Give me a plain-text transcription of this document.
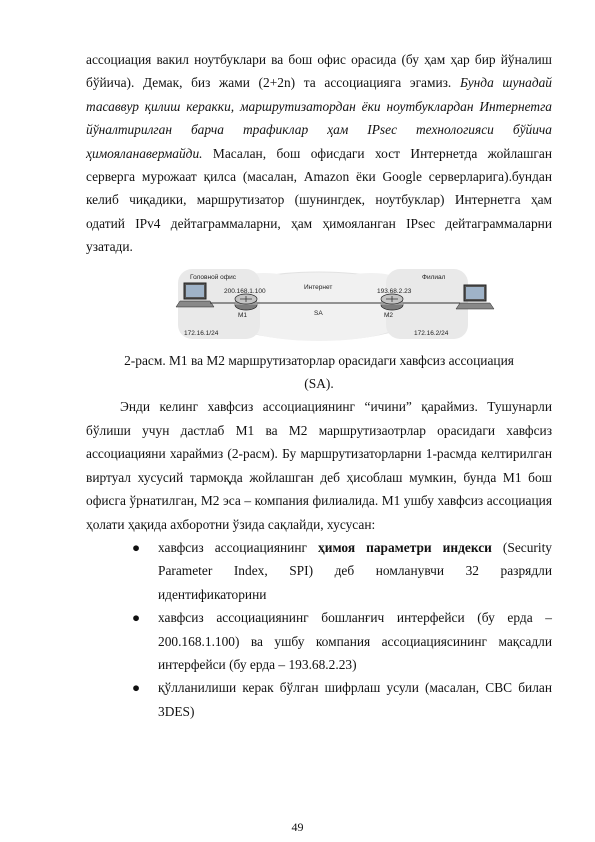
ассоциация вакил ноутбуклари ва бош офис орасида (бу ҳам ҳар бир йўналиш бўйича). Демак, биз жами (2+2n) та ассоциацияга эгамиз. Бунда шунадай тасаввур қилиш керакки, маршрутизатордан ёки ноутбуклардан Интернетга йўналтирилган барча трафиклар ҳам IPsec технологияси бўйича ҳимояланавермайди. Масалан, бош офисдаги хост Интернетда жойлашган серверга мурожаат қилса (масалан, Amazon ёки Google серверларига).бундан келиб чиқадики, маршрутизатор (шунингдек, ноутбуклар) Интернетга ҳам одатий IPv4 дейтаграммаларни, ҳам ҳимояланган IPsec дейтаграммаларни узатади.

Головной офис
Интернет
Филиал
200.168.1.100	193.68.2.23
M1	M2
SA
172.16.1/24	172.16.2/24

2-расм. M1 ва M2 маршрутизаторлар орасидаги хавфсиз ассоциация

(SA).

Энди келинг хавфсиз ассоциациянинг “ичини” қараймиз. Тушунарли бўлиши учун дастлаб M1 ва M2 маршрутизаотрлар орасидаги хавфсиз ассоциацияни хараймиз (2-расм). Бу маршрутизаторларни 1-расмда келтирилган виртуал хусусий тармоқда жойлашган деб ҳисоблаш мумкин, бунда M1 бош офисга ўрнатилган, M2 эса – компания филиалида. M1 ушбу хавфсиз ассоциация ҳолати ҳақида ахборотни ўзида сақлайди, хусусан:

● хавфсиз ассоциациянинг ҳимоя параметри индекси (Security Parameter Index, SPI) деб номланувчи 32 разрядли идентификаторини
● хавфсиз ассоциациянинг бошланғич интерфейси (бу ерда – 200.168.1.100) ва ушбу компания ассоциациясининг мақсадли интерфейси (бу ерда – 193.68.2.23)
● қўлланилиши керак бўлган шифрлаш усули (масалан, CBC билан 3DES)
49
